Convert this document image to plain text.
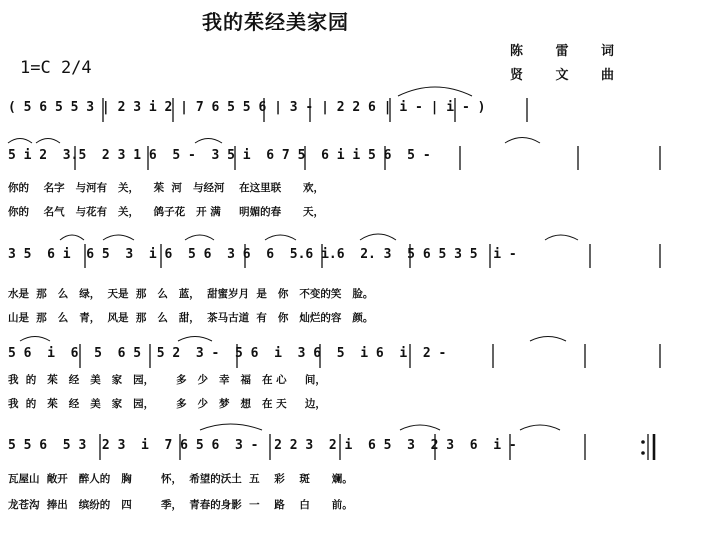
我的茱经美家园
陈 雷 词
贤 文 曲
1=C 2/4
( 5 6 5 5 3 | 2 3 i 2 | 7 6 5 5 6 | 3 - | 2 2 6 | i - | i - )
5 i 2  3.5  2 3 1 6  5 -  3 5 i  6 7 5  6 i i 5 6  5 -
你的    名字   与河有   关，    茱  河   与经河    在这里联      欢，
你的    名气   与花有   关，    鸽子花   开 满     明媚的春      天，
3 5  6 i  6 5  3  i 6  5 6  3 6  6  5.6 i.6  2. 3  5 6 5 3 5  i -
水是  那   么   绿，  天是  那   么   蓝，  甜蜜岁月  是   你   不变的笑   脸。
山是  那   么   青，  风是  那   么   甜，  茶马古道  有   你   灿烂的容   颜。
5 6  i  6  5  6 5  5 2  3 -  5 6  i  3 6  5  i 6  i  2 -
我  的   茱   经   美   家   园，      多   少   幸   福   在 心     间，
我  的   茱   经   美   家   园，      多   少   梦   想   在 天     边，
5 5 6  5 3  2 3  i  7 6 5 6  3 -  2 2 3  2 i  6 5  3  2 3  6  i -
瓦屋山  敞开   醉人的   胸        怀，  希望的沃土  五    彩    斑      斓。
龙苍沟  捧出   缤纷的   四        季，  青春的身影  一    路    白      前。
